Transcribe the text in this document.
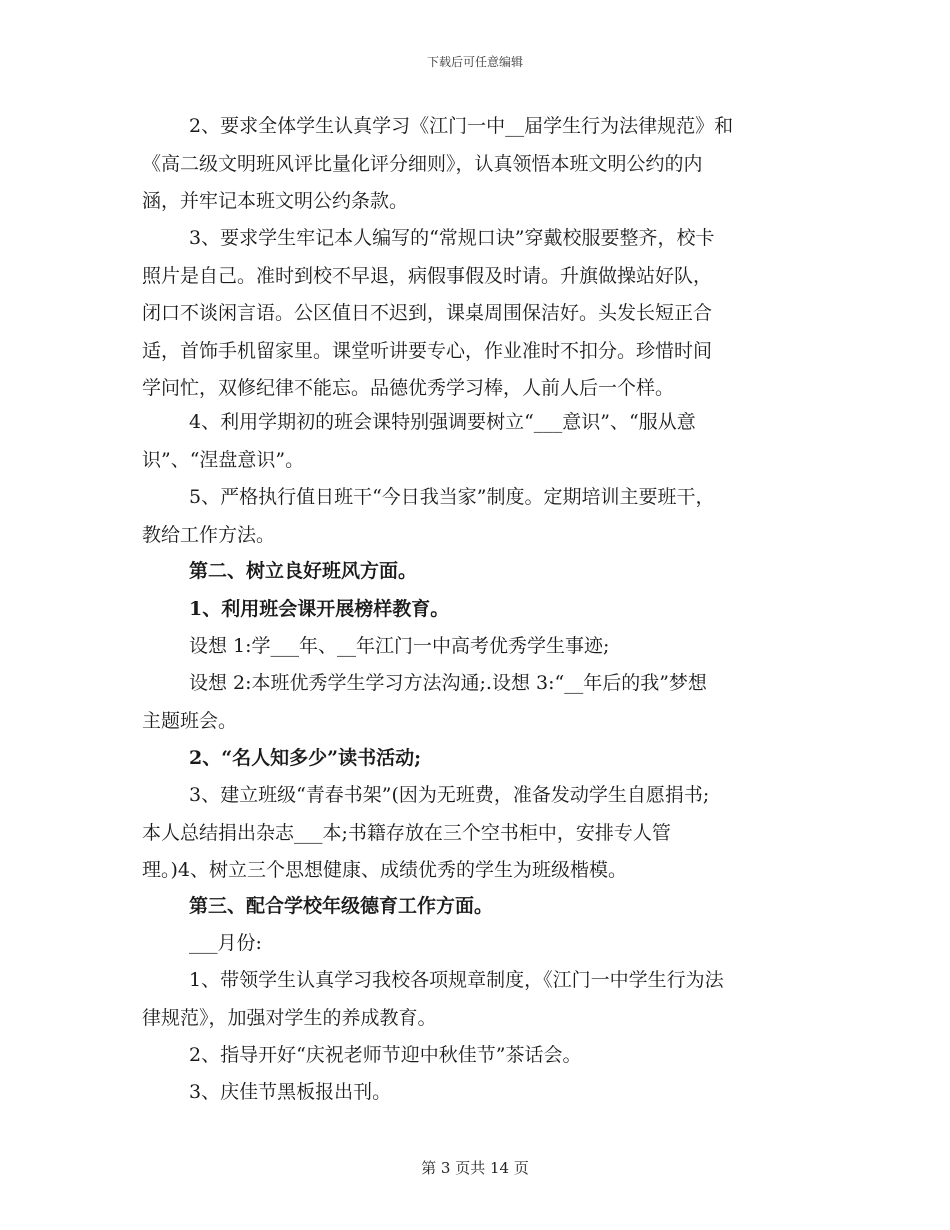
下载后可任意编辑
2、要求全体学生认真学习《江门一中__届学生行为法律规范》和
《高二级文明班风评比量化评分细则》，认真领悟本班文明公约的内
涵，并牢记本班文明公约条款。
3、要求学生牢记本人编写的“常规口诀”穿戴校服要整齐，校卡
照片是自己。准时到校不早退，病假事假及时请。升旗做操站好队，
闭口不谈闲言语。公区值日不迟到，课桌周围保洁好。头发长短正合
适，首饰手机留家里。课堂听讲要专心，作业准时不扣分。珍惜时间
学问忙，双修纪律不能忘。品德优秀学习棒，人前人后一个样。
4、利用学期初的班会课特别强调要树立“___意识”、“服从意
识”、“涅盘意识”。
5、严格执行值日班干“今日我当家”制度。定期培训主要班干，
教给工作方法。
第二、树立良好班风方面。
1、利用班会课开展榜样教育。
设想 1:学___年、__年江门一中高考优秀学生事迹;
设想 2:本班优秀学生学习方法沟通;.设想 3:“__年后的我”梦想
主题班会。
2、“名人知多少”读书活动;
3、建立班级“青春书架”(因为无班费，准备发动学生自愿捐书;
本人总结捐出杂志___本;书籍存放在三个空书柜中，安排专人管
理。)4、树立三个思想健康、成绩优秀的学生为班级楷模。
第三、配合学校年级德育工作方面。
___月份:
1、带领学生认真学习我校各项规章制度，《江门一中学生行为法
律规范》，加强对学生的养成教育。
2、指导开好“庆祝老师节迎中秋佳节”茶话会。
3、庆佳节黑板报出刊。
第 3 页共 14 页
